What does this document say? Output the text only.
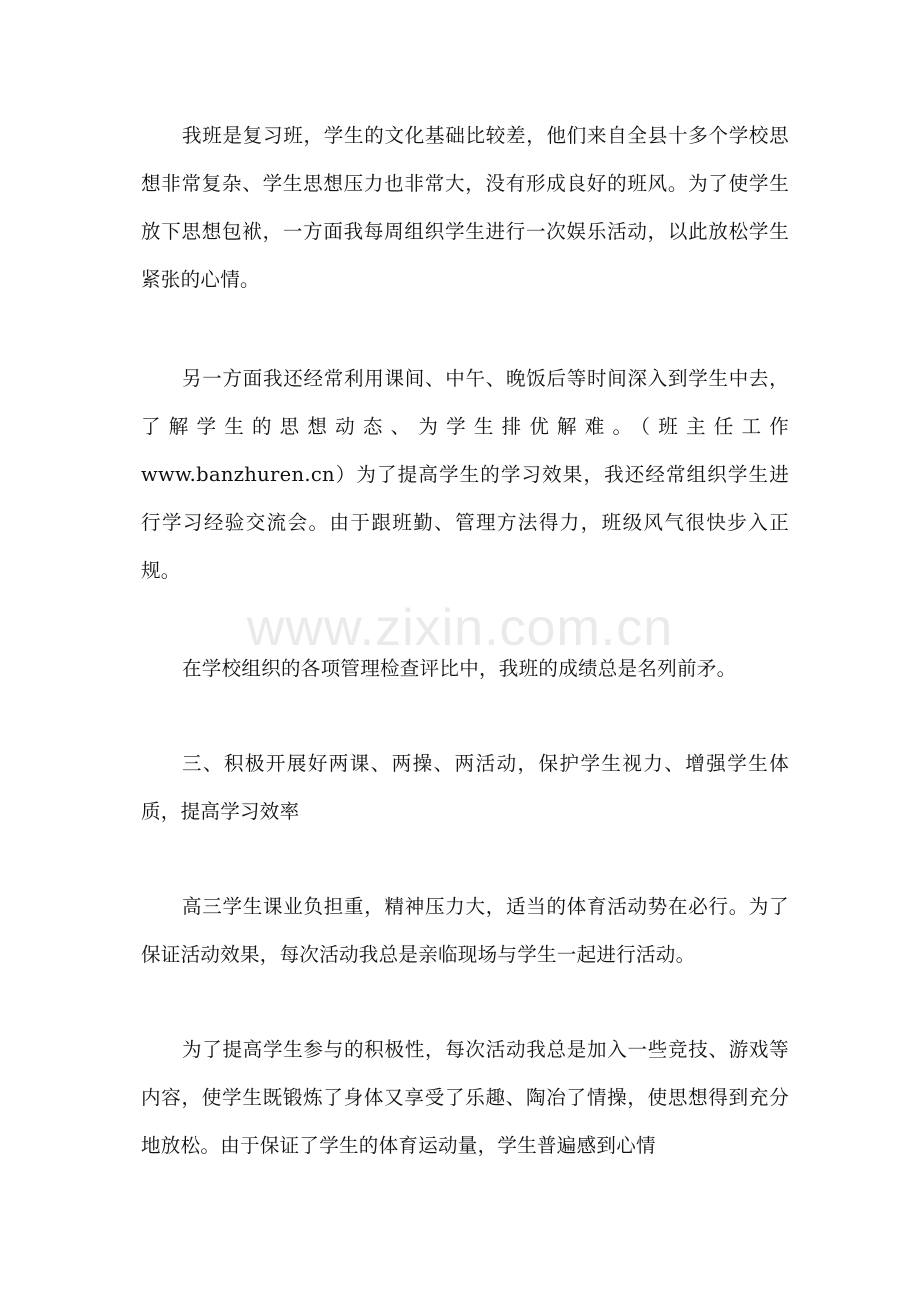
我班是复习班，学生的文化基础比较差，他们来自全县十多个学校思想非常复杂、学生思想压力也非常大，没有形成良好的班风。为了使学生放下思想包袱，一方面我每周组织学生进行一次娱乐活动，以此放松学生紧张的心情。

另一方面我还经常利用课间、中午、晚饭后等时间深入到学生中去，了解学生的思想动态、为学生排优解难。（班主任工作www.banzhuren.cn）为了提高学生的学习效果，我还经常组织学生进行学习经验交流会。由于跟班勤、管理方法得力，班级风气很快步入正规。

www.zixin.com.cn

在学校组织的各项管理检查评比中，我班的成绩总是名列前矛。

三、积极开展好两课、两操、两活动，保护学生视力、增强学生体质，提高学习效率

高三学生课业负担重，精神压力大，适当的体育活动势在必行。为了保证活动效果，每次活动我总是亲临现场与学生一起进行活动。

为了提高学生参与的积极性，每次活动我总是加入一些竞技、游戏等内容，使学生既锻炼了身体又享受了乐趣、陶冶了情操，使思想得到充分地放松。由于保证了学生的体育运动量，学生普遍感到心情
